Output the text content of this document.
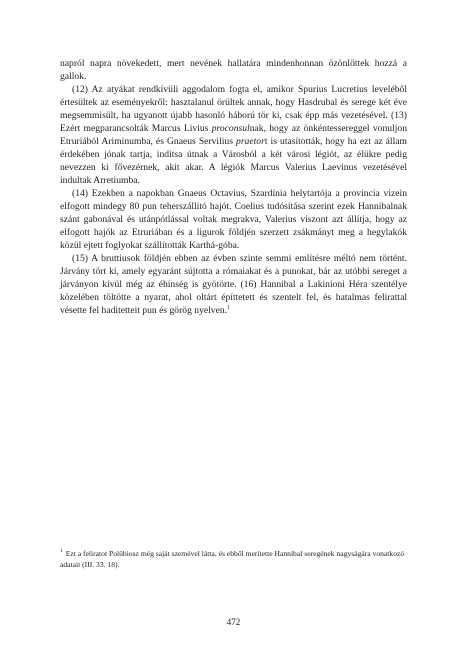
napról napra növekedett, mert nevének hallatára mindenhonnan özönlöttek hozzá a gallok.

(12) Az atyákat rendkívüli aggodalom fogta el, amikor Spurius Lucretius leveléből értesültek az eseményekről: hasztalanul örültek annak, hogy Hasdrubal és serege két éve megsemmisült, ha ugyanott újabb hasonló háború tör ki, csak épp más vezetésével. (13) Ezért megparancsolták Marcus Livius proconsulnak, hogy az önkéntessereggel vonuljon Etruriából Ariminumba, és Gnaeus Servilius praetort is utasították, hogy ha ezt az állam érdekében jónak tartja, indítsa útnak a Városból a két városi légiót, az élükre pedig nevezzen ki fővezérnek, akit akar. A légiók Marcus Valerius Laevinus vezetésével indultak Arretiumba.

(14) Ezekben a napokban Gnaeus Octavius, Szardínia helytartója a provincia vizein elfogott mindegy 80 pun teherszállító hajót. Coelius tudósítása szerint ezek Hannibalnak szánt gabonával és utánpótlással voltak megrakva, Valerius viszont azt állítja, hogy az elfogott hajók az Etruriában és a ligurok földjén szerzett zsákmányt meg a hegylakók közül ejtett foglyokat szállították Karthá-góba.

(15) A bruttiusok földjén ebben az évben szinte semmi említésre méltó nem történt. Járvány tört ki, amely egyaránt sújtotta a rómaiakat és a punokat, bár az utóbbi sereget a járványon kívül még az éhínség is gyötörte. (16) Hannibal a Lakinioni Héra szentélye közelében töltötte a nyarat, ahol oltárt építtetett és szentelt fel, és hatalmas felirattal vésette fel haditetteit pun és görög nyelven.$^1$

$^1$ Ezt a feliratot Polübiosz még saját szemével látta, és ebből merítette Hannibal seregének nagyságára vonatkozó adatait (III. 33. 18).
472
